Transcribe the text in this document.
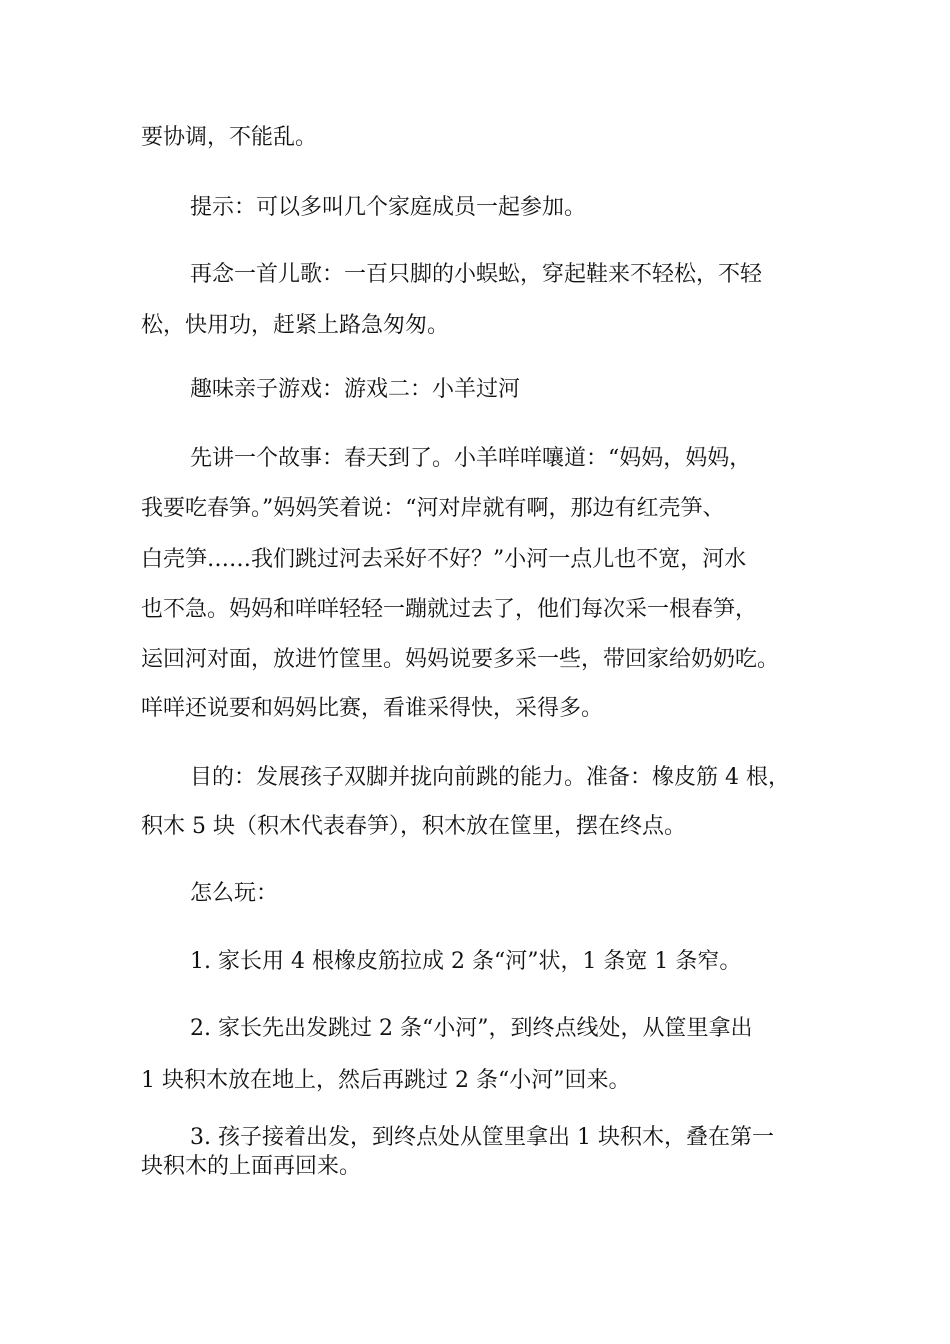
要协调，不能乱。

提示：可以多叫几个家庭成员一起参加。

再念一首儿歌：一百只脚的小蜈蚣，穿起鞋来不轻松，不轻

松，快用功，赶紧上路急匆匆。

趣味亲子游戏：游戏二：小羊过河

先讲一个故事：春天到了。小羊咩咩嚷道：“妈妈，妈妈，

我要吃春笋。”妈妈笑着说：“河对岸就有啊，那边有红壳笋、

白壳笋……我们跳过河去采好不好？”小河一点儿也不宽，河水

也不急。妈妈和咩咩轻轻一蹦就过去了，他们每次采一根春笋，

运回河对面，放进竹筐里。妈妈说要多采一些，带回家给奶奶吃。

咩咩还说要和妈妈比赛，看谁采得快，采得多。

目的：发展孩子双脚并拢向前跳的能力。准备：橡皮筋 4 根，

积木 5 块（积木代表春笋），积木放在筐里，摆在终点。

怎么玩：

1. 家长用 4 根橡皮筋拉成 2 条“河”状，1 条宽 1 条窄。

2. 家长先出发跳过 2 条“小河”，到终点线处，从筐里拿出

1 块积木放在地上，然后再跳过 2 条“小河”回来。

3. 孩子接着出发，到终点处从筐里拿出 1 块积木，叠在第一

块积木的上面再回来。
